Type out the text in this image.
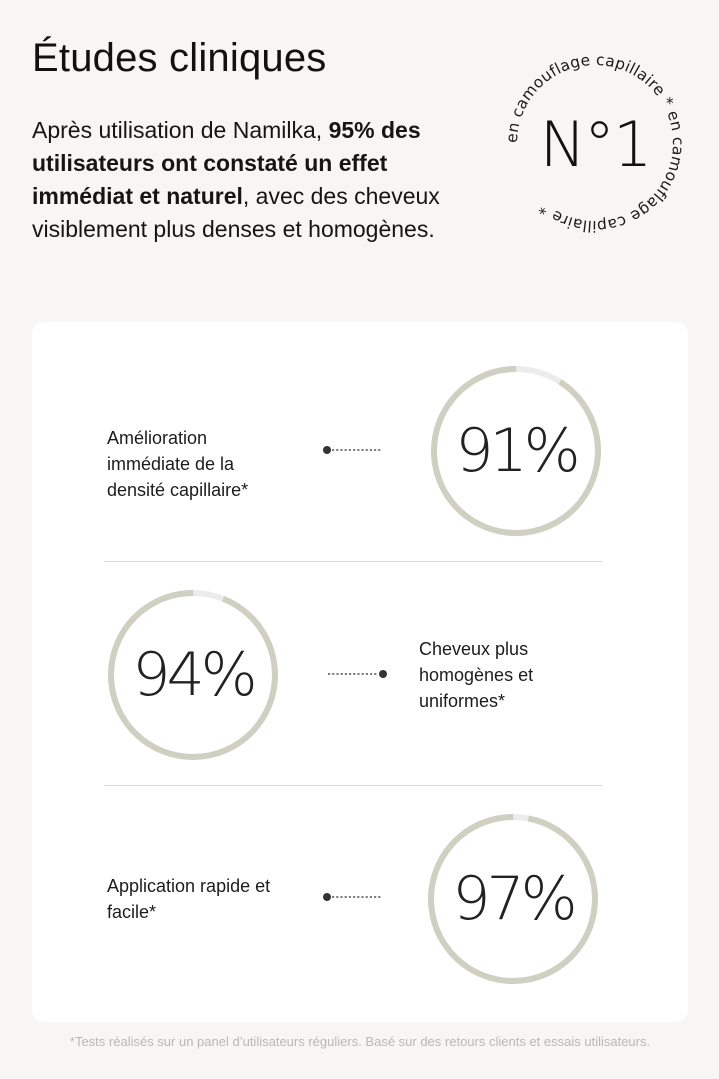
Études cliniques

Après utilisation de Namilka, 95% des utilisateurs ont constaté un effet immédiat et naturel, avec des cheveux visiblement plus denses et homogènes.

en camouflage capillaire * en camouflage capillaire *
N°1

Amélioration
immédiate de la
densité capillaire*

91%
94%	Cheveux plus
homogènes et
uniformes*

Application rapide et
facile*	97%

*Tests réalisés sur un panel d’utilisateurs réguliers. Basé sur des retours clients et essais utilisateurs.
